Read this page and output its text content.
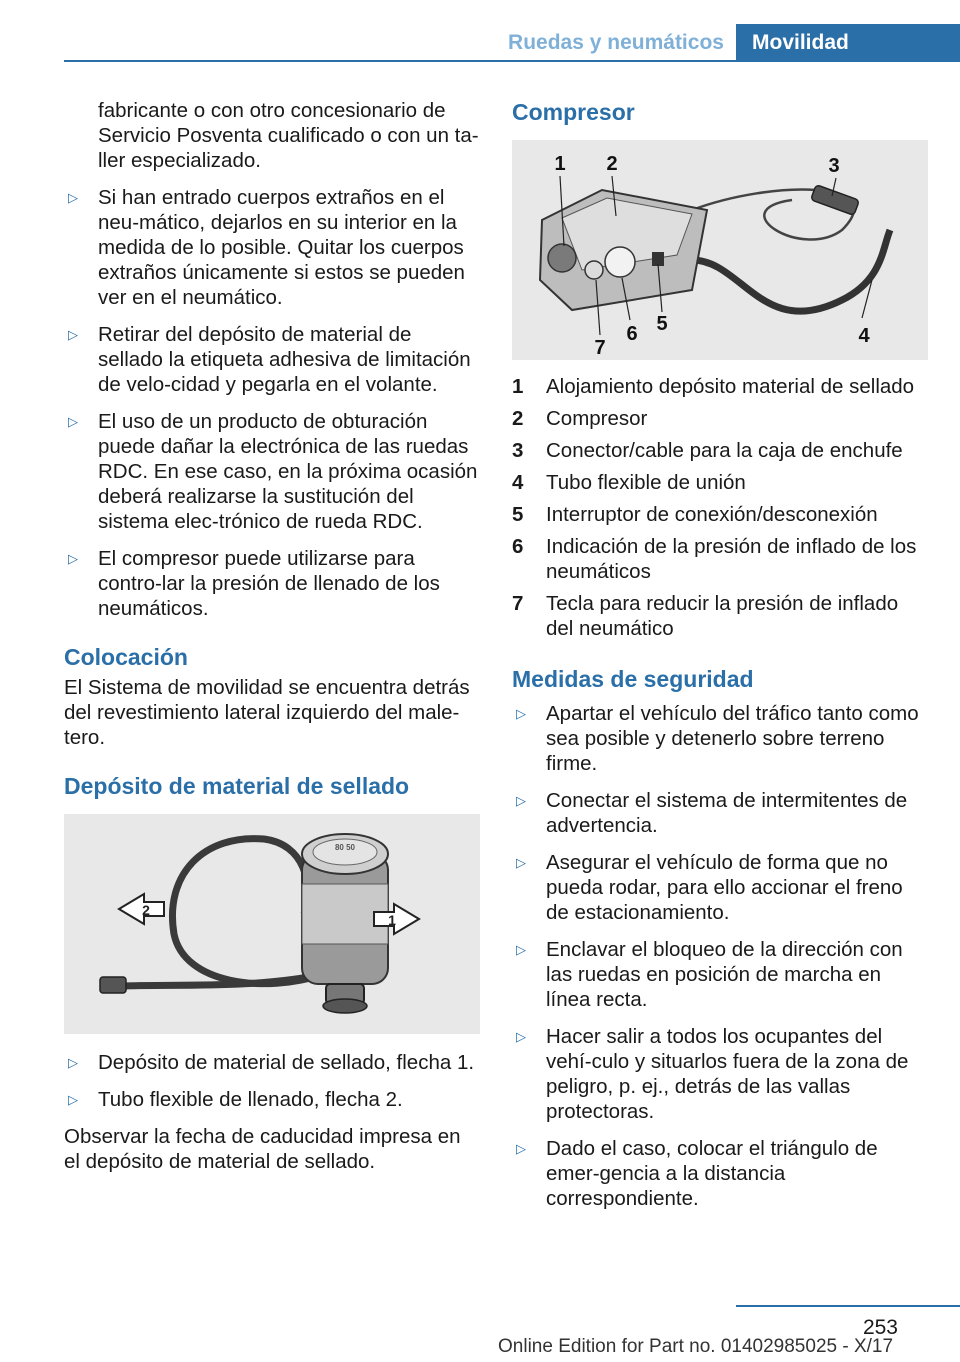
Ruedas y neumáticos	Movilidad

fabricante o con otro concesionario de Servicio Posventa cualificado o con un ta‐ller especializado.

▷ Si han entrado cuerpos extraños en el neu‐mático, dejarlos en su interior en la medida de lo posible. Quitar los cuerpos extraños únicamente si estos se pueden ver en el neumático.
▷ Retirar del depósito de material de sellado la etiqueta adhesiva de limitación de velo‐cidad y pegarla en el volante.
▷ El uso de un producto de obturación puede dañar la electrónica de las ruedas RDC. En ese caso, en la próxima ocasión deberá realizarse la sustitución del sistema elec‐trónico de rueda RDC.
▷ El compresor puede utilizarse para contro‐lar la presión de llenado de los neumáticos.
Colocación

El Sistema de movilidad se encuentra detrás del revestimiento lateral izquierdo del male‐tero.

Depósito de material de sellado
80 50
2
1
▷ Depósito de material de sellado, flecha 1.
▷ Tubo flexible de llenado, flecha 2.

Observar la fecha de caducidad impresa en el depósito de material de sellado.

Compresor
1 2	3
4
5
6
7
1	Alojamiento depósito material de sellado
2	Compresor
3	Conector/cable para la caja de enchufe
4	Tubo flexible de unión
5	Interruptor de conexión/desconexión
6	Indicación de la presión de inflado de los neumáticos
7	Tecla para reducir la presión de inflado del neumático
Medidas de seguridad
▷ Apartar el vehículo del tráfico tanto como sea posible y detenerlo sobre terreno firme.
▷ Conectar el sistema de intermitentes de advertencia.
▷ Asegurar el vehículo de forma que no pueda rodar, para ello accionar el freno de estacionamiento.
▷ Enclavar el bloqueo de la dirección con las ruedas en posición de marcha en línea recta.
▷ Hacer salir a todos los ocupantes del vehí‐culo y situarlos fuera de la zona de peligro, p. ej., detrás de las vallas protectoras.
▷ Dado el caso, colocar el triángulo de emer‐gencia a la distancia correspondiente.
253
Online Edition for Part no. 01402985025 - X/17
